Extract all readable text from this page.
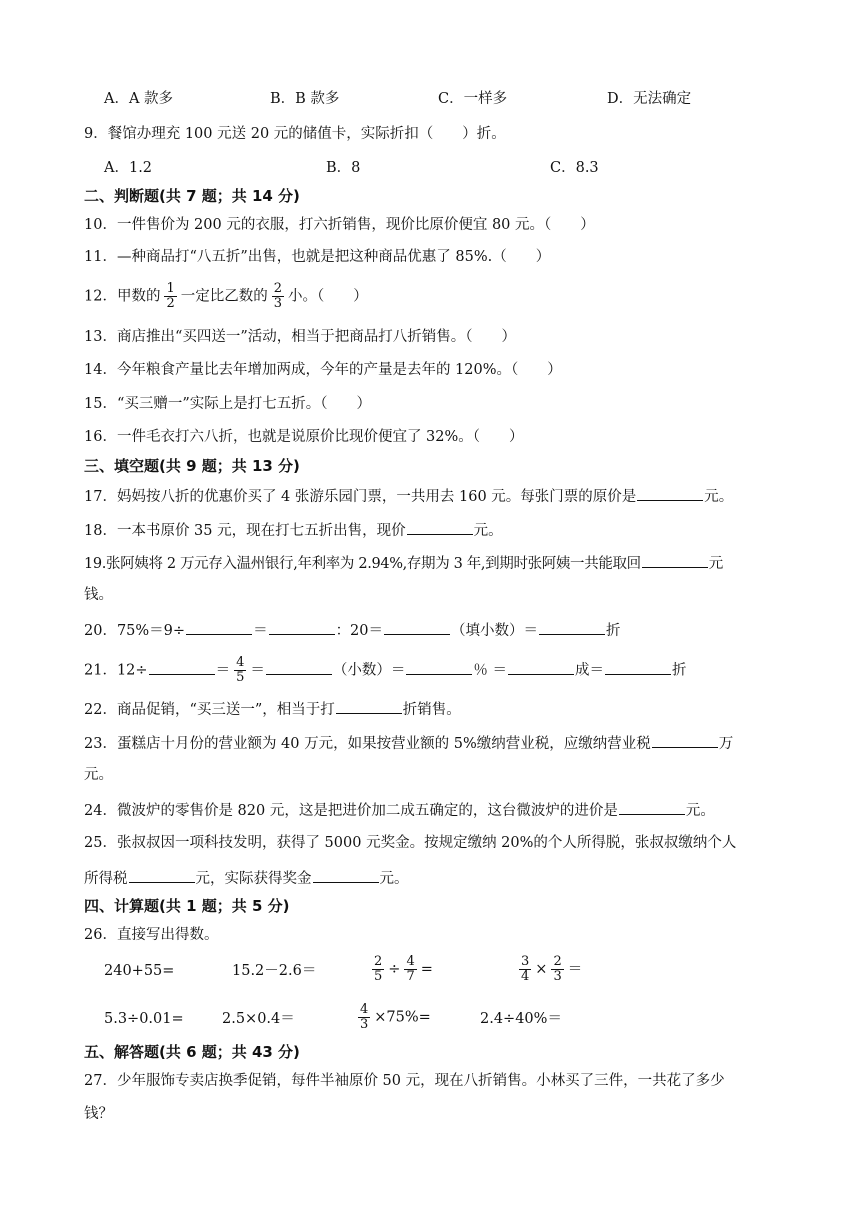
A．A 款多	B．B 款多	C．一样多	D．无法确定
9．餐馆办理充 100 元送 20 元的储值卡，实际折扣（　　）折。
A．1.2	B．8	C．8.3
二、判断题(共 7 题；共 14 分)
10．一件售价为 200 元的衣服，打六折销售，现价比原价便宜 80 元。（　　）
11．—种商品打“八五折”出售，也就是把这种商品优惠了 85%.（　　）
12．甲数的 $\frac{1}{2}$ 一定比乙数的 $\frac{2}{3}$ 小。（　　）
13．商店推出“买四送一”活动，相当于把商品打八折销售。（　　）
14．今年粮食产量比去年增加两成，今年的产量是去年的 120%。（　　）
15．“买三赠一”实际上是打七五折。（　　）
16．一件毛衣打六八折，也就是说原价比现价便宜了 32%。（　　）
三、填空题(共 9 题；共 13 分)
17．妈妈按八折的优惠价买了 4 张游乐园门票，一共用去 160 元。每张门票的原价是	元。
18．一本书原价 35 元，现在打七五折出售，现价	元。
19.张阿姨将 2 万元存入温州银行,年利率为 2.94%,存期为 3 年,到期时张阿姨一共能取回	元
钱。
20．75%＝9÷	＝	：20＝	（填小数）＝	折
21．12÷	＝ $\frac{4}{5}$ ＝	（小数）＝	％ ＝	成＝	折
22．商品促销，“买三送一”，相当于打	折销售。
23．蛋糕店十月份的营业额为 40 万元，如果按营业额的 5%缴纳营业税，应缴纳营业税	万
元。
24．微波炉的零售价是 820 元，这是把进价加二成五确定的，这台微波炉的进价是	元。
25．张叔叔因一项科技发明，获得了 5000 元奖金。按规定缴纳 20%的个人所得脱，张叔叔缴纳个人
所得税	元，实际获得奖金	元。
四、计算题(共 1 题；共 5 分)
26．直接写出得数。
240+55=	15.2－2.6＝	$\frac{2}{5} \div \frac{4}{7}$ =	$\frac{3}{4} \times \frac{2}{3}$ ＝
5.3÷0.01=	2.5×0.4＝	$\frac{4}{3} \times 75\%=$	2.4÷40%＝
五、解答题(共 6 题；共 43 分)
27．少年服饰专卖店换季促销，每件半袖原价 50 元，现在八折销售。小林买了三件，一共花了多少
钱？
